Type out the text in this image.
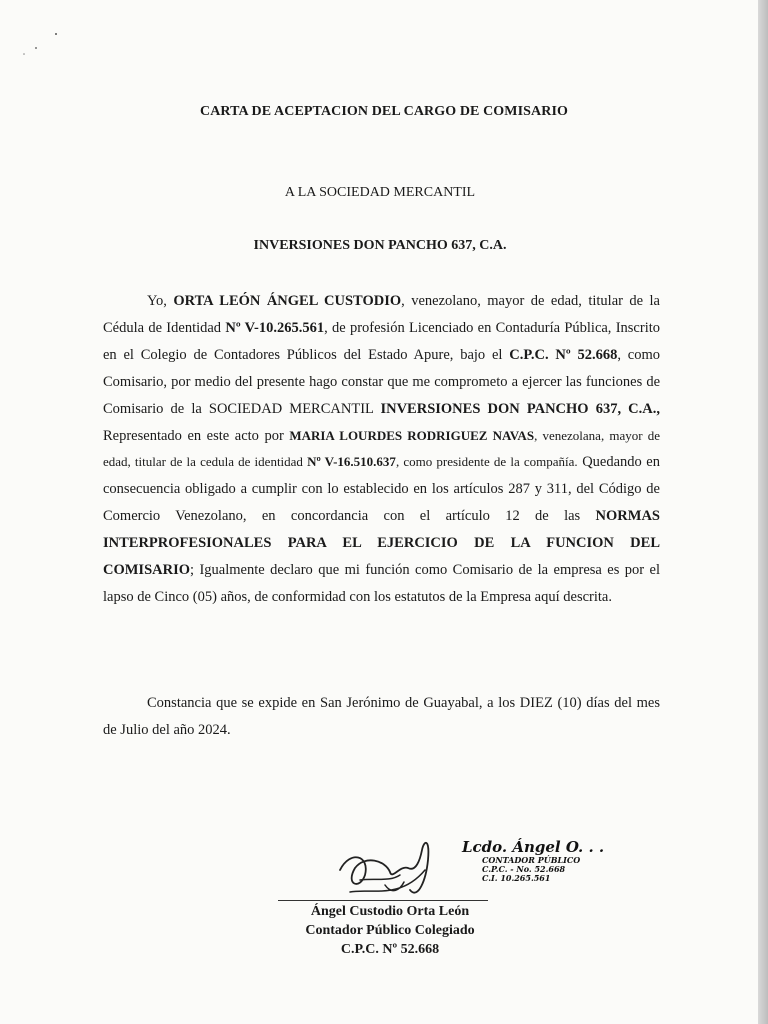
CARTA DE ACEPTACION DEL CARGO DE COMISARIO
A LA SOCIEDAD MERCANTIL
INVERSIONES DON PANCHO 637, C.A.
Yo, ORTA LEÓN ÁNGEL CUSTODIO, venezolano, mayor de edad, titular de la Cédula de Identidad Nº V-10.265.561, de profesión Licenciado en Contaduría Pública, Inscrito en el Colegio de Contadores Públicos del Estado Apure, bajo el C.P.C. Nº 52.668, como Comisario, por medio del presente hago constar que me comprometo a ejercer las funciones de Comisario de la SOCIEDAD MERCANTIL INVERSIONES DON PANCHO 637, C.A., Representado en este acto por MARIA LOURDES RODRIGUEZ NAVAS, venezolana, mayor de edad, titular de la cedula de identidad Nº V-16.510.637, como presidente de la compañía. Quedando en consecuencia obligado a cumplir con lo establecido en los artículos 287 y 311, del Código de Comercio Venezolano, en concordancia con el artículo 12 de las NORMAS INTERPROFESIONALES PARA EL EJERCICIO DE LA FUNCION DEL COMISARIO; Igualmente declaro que mi función como Comisario de la empresa es por el lapso de Cinco (05) años, de conformidad con los estatutos de la Empresa aquí descrita.
Constancia que se expide en San Jerónimo de Guayabal, a los DIEZ (10) días del mes de Julio del año 2024.
Lcdo. Ángel O. . .
CONTADOR PÚBLICO
C.P.C. - No. 52.668
C.I. 10.265.561
Ángel Custodio Orta León
Contador Público Colegiado
C.P.C. Nº 52.668
